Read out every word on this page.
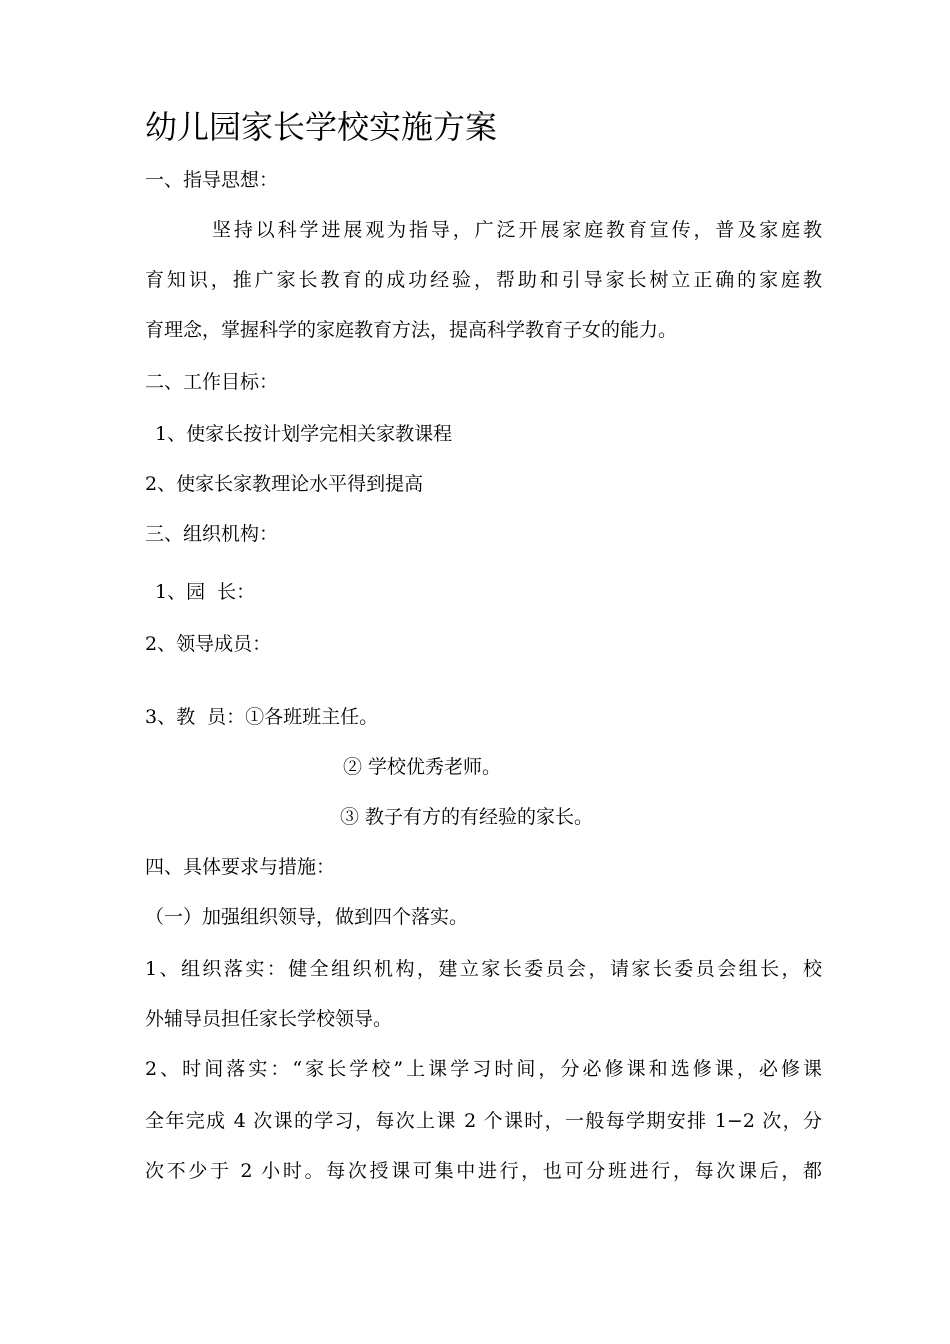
幼儿园家长学校实施方案
一、指导思想：
坚持以科学进展观为指导，广泛开展家庭教育宣传，普及家庭教
育知识，推广家长教育的成功经验，帮助和引导家长树立正确的家庭教
育理念，掌握科学的家庭教育方法，提高科学教育子女的能力。
二、工作目标：
1、使家长按计划学完相关家教课程
2、使家长家教理论水平得到提高
三、组织机构：
1、园  长：
2、领导成员：
3、教  员：①各班班主任。
② 学校优秀老师。
③ 教子有方的有经验的家长。
四、具体要求与措施：
（一）加强组织领导，做到四个落实。
1、组织落实：健全组织机构，建立家长委员会，请家长委员会组长，校
外辅导员担任家长学校领导。
2、时间落实：“家长学校”上课学习时间，分必修课和选修课，必修课
全年完成 4 次课的学习，每次上课 2 个课时，一般每学期安排 1−2 次，分
次不少于 2 小时。每次授课可集中进行，也可分班进行，每次课后，都
